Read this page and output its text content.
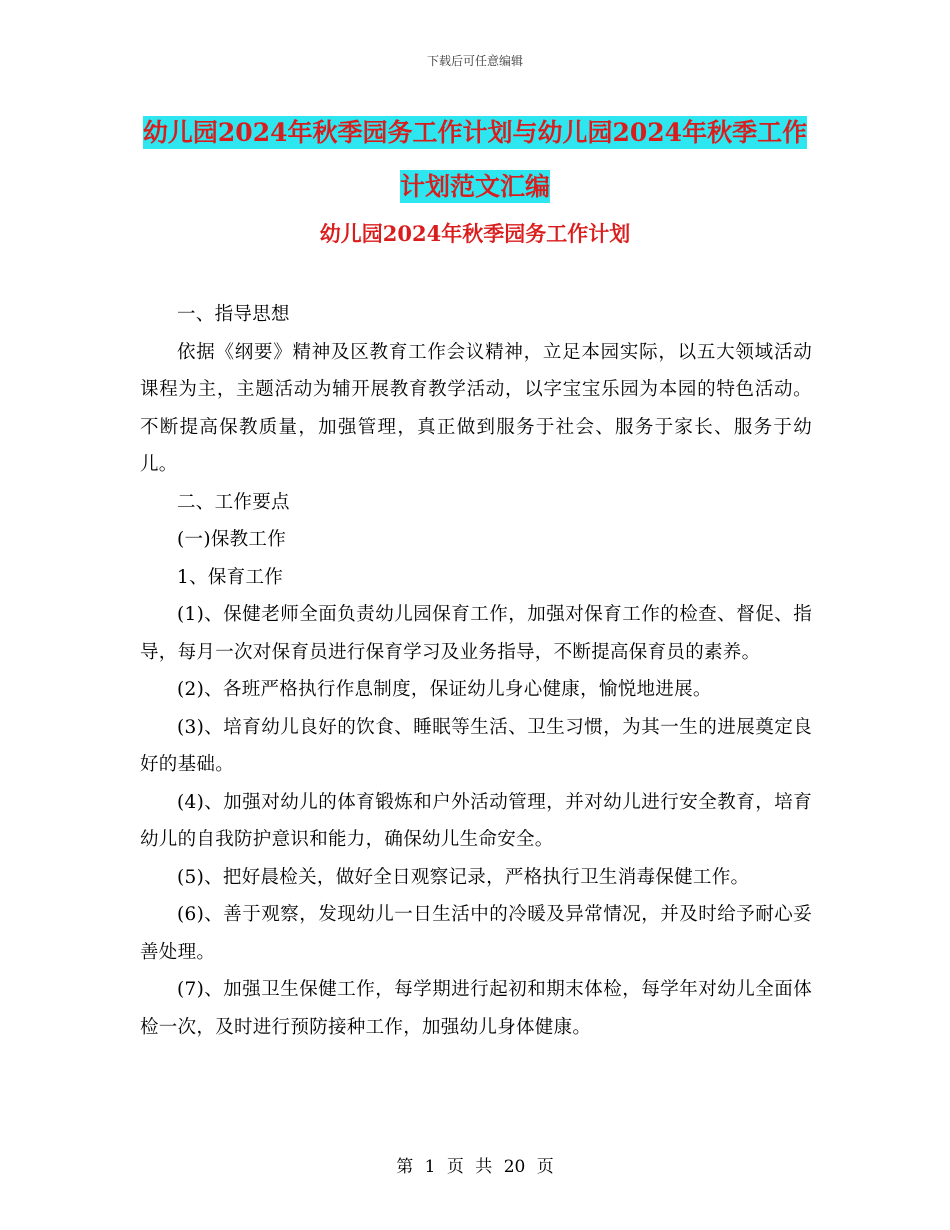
下载后可任意编辑
幼儿园2024年秋季园务工作计划与幼儿园2024年秋季工作计划范文汇编
幼儿园2024年秋季园务工作计划

一、指导思想

依据《纲要》精神及区教育工作会议精神，立足本园实际，以五大领域活动课程为主，主题活动为辅开展教育教学活动，以字宝宝乐园为本园的特色活动。不断提高保教质量，加强管理，真正做到服务于社会、服务于家长、服务于幼儿。

二、工作要点

(一)保教工作

1、保育工作

(1)、保健老师全面负责幼儿园保育工作，加强对保育工作的检查、督促、指导，每月一次对保育员进行保育学习及业务指导，不断提高保育员的素养。

(2)、各班严格执行作息制度，保证幼儿身心健康，愉悦地进展。

(3)、培育幼儿良好的饮食、睡眠等生活、卫生习惯，为其一生的进展奠定良好的基础。

(4)、加强对幼儿的体育锻炼和户外活动管理，并对幼儿进行安全教育，培育幼儿的自我防护意识和能力，确保幼儿生命安全。

(5)、把好晨检关，做好全日观察记录，严格执行卫生消毒保健工作。

(6)、善于观察，发现幼儿一日生活中的冷暖及异常情况，并及时给予耐心妥善处理。

(7)、加强卫生保健工作，每学期进行起初和期末体检，每学年对幼儿全面体检一次，及时进行预防接种工作，加强幼儿身体健康。

第 1 页 共 20 页
